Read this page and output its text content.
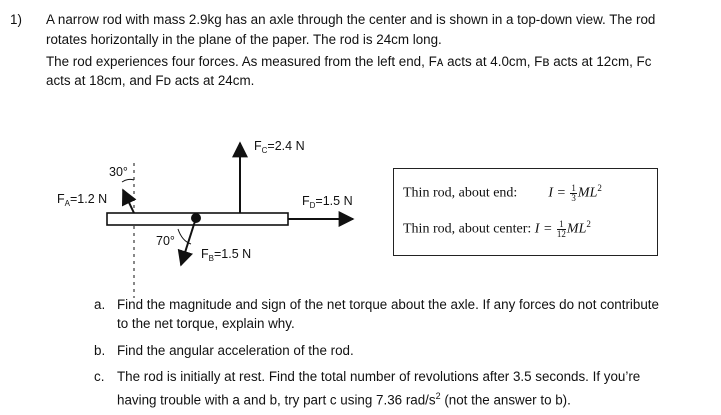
1) A narrow rod with mass 2.9kg has an axle through the center and is shown in a top-down view. The rod
rotates horizontally in the plane of the paper. The rod is 24cm long.
The rod experiences four forces. As measured from the left end, Fᴀ acts at 4.0cm, Fʙ acts at 12cm, Fᴄ
acts at 18cm, and Fᴅ acts at 24cm.
$F_A=1.2$ N
30°
70°
$F_B=1.5$ N
$F_C=2.4$ N
$F_D=1.5$ N
Thin rod, about end: $I = \frac{1}{3} ML^2$
Thin rod, about center: $I = \frac{1}{12} ML^2$
a. Find the magnitude and sign of the net torque about the axle. If any forces do not contribute
to the net torque, explain why.
b. Find the angular acceleration of the rod.
c. The rod is initially at rest. Find the total number of revolutions after 3.5 seconds. If you’re
having trouble with a and b, try part c using 7.36 rad/$s^2$ (not the answer to b).
